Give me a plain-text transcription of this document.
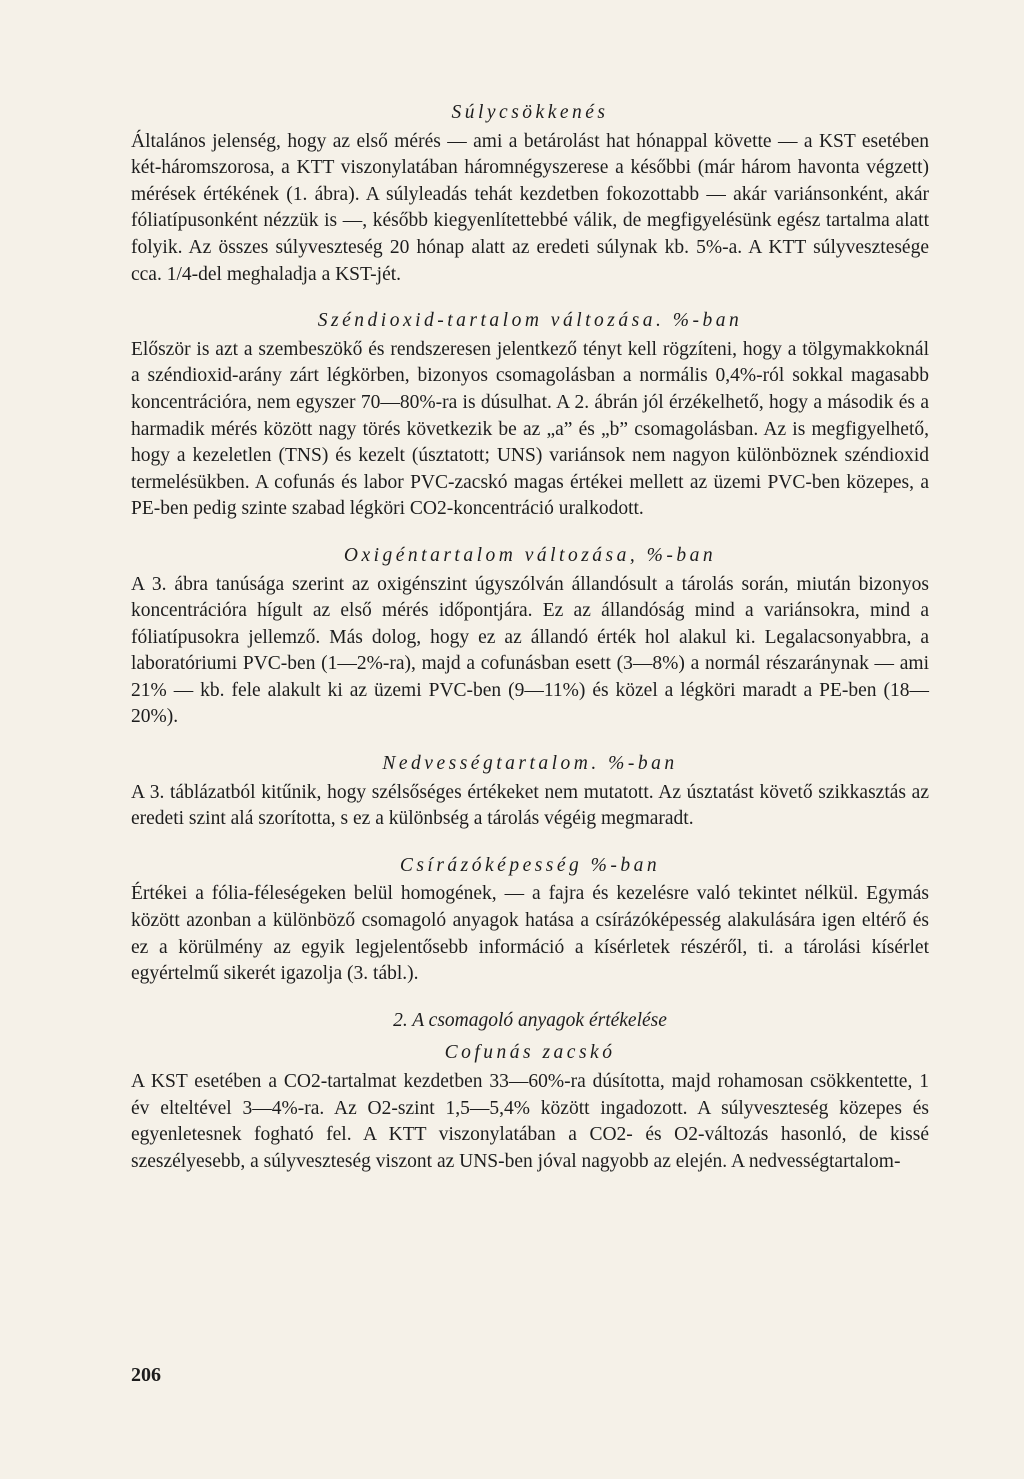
Súlycsökkenés

Általános jelenség, hogy az első mérés — ami a betárolást hat hónappal követte — a KST esetében két-háromszorosa, a KTT viszonylatában háromnégyszerese a későbbi (már három havonta végzett) mérések értékének (1. ábra). A súlyleadás tehát kezdetben fokozottabb — akár variánsonként, akár fóliatípusonként nézzük is —, később kiegyenlítettebbé válik, de megfigyelésünk egész tartalma alatt folyik. Az összes súlyveszteség 20 hónap alatt az eredeti súlynak kb. 5%-a. A KTT súlyvesztesége cca. 1/4-del meghaladja a KST-jét.

Széndioxid-tartalom változása. %-ban

Először is azt a szembeszökő és rendszeresen jelentkező tényt kell rögzíteni, hogy a tölgymakkoknál a széndioxid-arány zárt légkörben, bizonyos csomagolásban a normális 0,4%-ról sokkal magasabb koncentrációra, nem egyszer 70—80%-ra is dúsulhat. A 2. ábrán jól érzékelhető, hogy a második és a harmadik mérés között nagy törés következik be az „a” és „b” csomagolásban. Az is megfigyelhető, hogy a kezeletlen (TNS) és kezelt (úsztatott; UNS) variánsok nem nagyon különböznek széndioxid termelésükben. A cofunás és labor PVC-zacskó magas értékei mellett az üzemi PVC-ben közepes, a PE-ben pedig szinte szabad légköri CO2-koncentráció uralkodott.

Oxigéntartalom változása, %-ban

A 3. ábra tanúsága szerint az oxigénszint úgyszólván állandósult a tárolás során, miután bizonyos koncentrációra hígult az első mérés időpontjára. Ez az állandóság mind a variánsokra, mind a fóliatípusokra jellemző. Más dolog, hogy ez az állandó érték hol alakul ki. Legalacsonyabbra, a laboratóriumi PVC-ben (1—2%-ra), majd a cofunásban esett (3—8%) a normál részaránynak — ami 21% — kb. fele alakult ki az üzemi PVC-ben (9—11%) és közel a légköri maradt a PE-ben (18—20%).

Nedvességtartalom. %-ban

A 3. táblázatból kitűnik, hogy szélsőséges értékeket nem mutatott. Az úsztatást követő szikkasztás az eredeti szint alá szorította, s ez a különbség a tárolás végéig megmaradt.

Csírázóképesség %-ban

Értékei a fólia-féleségeken belül homogének, — a fajra és kezelésre való tekintet nélkül. Egymás között azonban a különböző csomagoló anyagok hatása a csírázóképesség alakulására igen eltérő és ez a körülmény az egyik legjelentősebb információ a kísérletek részéről, ti. a tárolási kísérlet egyértelmű sikerét igazolja (3. tábl.).

2. A csomagoló anyagok értékelése
Cofunás zacskó

A KST esetében a CO2-tartalmat kezdetben 33—60%-ra dúsította, majd rohamosan csökkentette, 1 év elteltével 3—4%-ra. Az O2-szint 1,5—5,4% között ingadozott. A súlyveszteség közepes és egyenletesnek fogható fel. A KTT viszonylatában a CO2- és O2-változás hasonló, de kissé szeszélyesebb, a súlyveszteség viszont az UNS-ben jóval nagyobb az elején. A nedvességtartalom-

206
